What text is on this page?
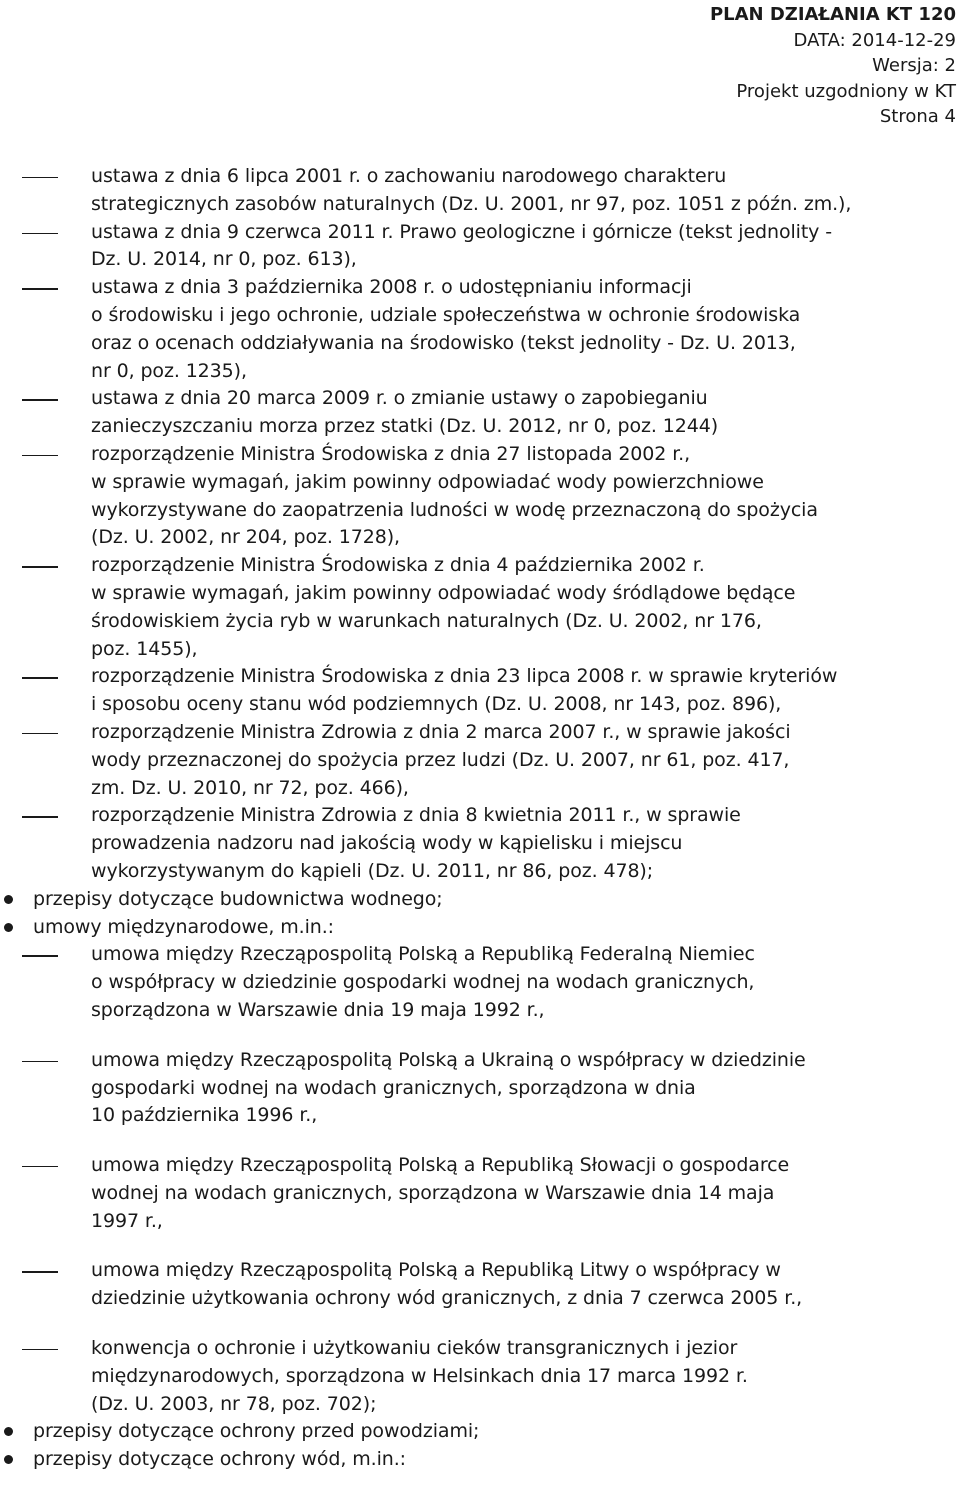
PLAN DZIAŁANIA KT 120
DATA: 2014-12-29
Wersja: 2
Projekt uzgodniony w KT
Strona 4
ustawa z dnia 6 lipca 2001 r. o zachowaniu narodowego charakteru
strategicznych zasobów naturalnych (Dz. U. 2001, nr 97, poz. 1051 z późn. zm.),
ustawa z dnia 9 czerwca 2011 r. Prawo geologiczne i górnicze (tekst jednolity -
Dz. U. 2014, nr 0, poz. 613),
ustawa z dnia 3 października 2008 r. o udostępnianiu informacji
o środowisku i jego ochronie, udziale społeczeństwa w ochronie środowiska
oraz o ocenach oddziaływania na środowisko (tekst jednolity - Dz. U. 2013,
nr 0, poz. 1235),
ustawa z dnia 20 marca 2009 r. o zmianie ustawy o zapobieganiu
zanieczyszczaniu morza przez statki (Dz. U. 2012, nr 0, poz. 1244)
rozporządzenie Ministra Środowiska z dnia 27 listopada 2002 r.,
w sprawie wymagań, jakim powinny odpowiadać wody powierzchniowe
wykorzystywane do zaopatrzenia ludności w wodę przeznaczoną do spożycia
(Dz. U. 2002, nr 204, poz. 1728),
rozporządzenie Ministra Środowiska z dnia 4 października 2002 r.
w sprawie wymagań, jakim powinny odpowiadać wody śródlądowe będące
środowiskiem życia ryb w warunkach naturalnych (Dz. U. 2002, nr 176,
poz. 1455),
rozporządzenie Ministra Środowiska z dnia 23 lipca 2008 r. w sprawie kryteriów
i sposobu oceny stanu wód podziemnych (Dz. U. 2008, nr 143, poz. 896),
rozporządzenie Ministra Zdrowia z dnia 2 marca 2007 r., w sprawie jakości
wody przeznaczonej do spożycia przez ludzi (Dz. U. 2007, nr 61, poz. 417,
zm. Dz. U. 2010, nr 72, poz. 466),
rozporządzenie Ministra Zdrowia z dnia 8 kwietnia 2011 r., w sprawie
prowadzenia nadzoru nad jakością wody w kąpielisku i miejscu
wykorzystywanym do kąpieli (Dz. U. 2011, nr 86, poz. 478);
przepisy dotyczące budownictwa wodnego;
umowy międzynarodowe, m.in.:
umowa między Rzecząpospolitą Polską a Republiką Federalną Niemiec
o współpracy w dziedzinie gospodarki wodnej na wodach granicznych,
sporządzona w Warszawie dnia 19 maja 1992 r.,
umowa między Rzecząpospolitą Polską a Ukrainą o współpracy w dziedzinie
gospodarki wodnej na wodach granicznych, sporządzona w dnia
10 października 1996 r.,
umowa między Rzecząpospolitą Polską a Republiką Słowacji o gospodarce
wodnej na wodach granicznych, sporządzona w Warszawie dnia 14 maja
1997 r.,
umowa między Rzecząpospolitą Polską a Republiką Litwy o współpracy w
dziedzinie użytkowania ochrony wód granicznych, z dnia 7 czerwca 2005 r.,
konwencja o ochronie i użytkowaniu cieków transgranicznych i jezior
międzynarodowych, sporządzona w Helsinkach dnia 17 marca 1992 r.
(Dz. U. 2003, nr 78, poz. 702);
przepisy dotyczące ochrony przed powodziami;
przepisy dotyczące ochrony wód, m.in.:
